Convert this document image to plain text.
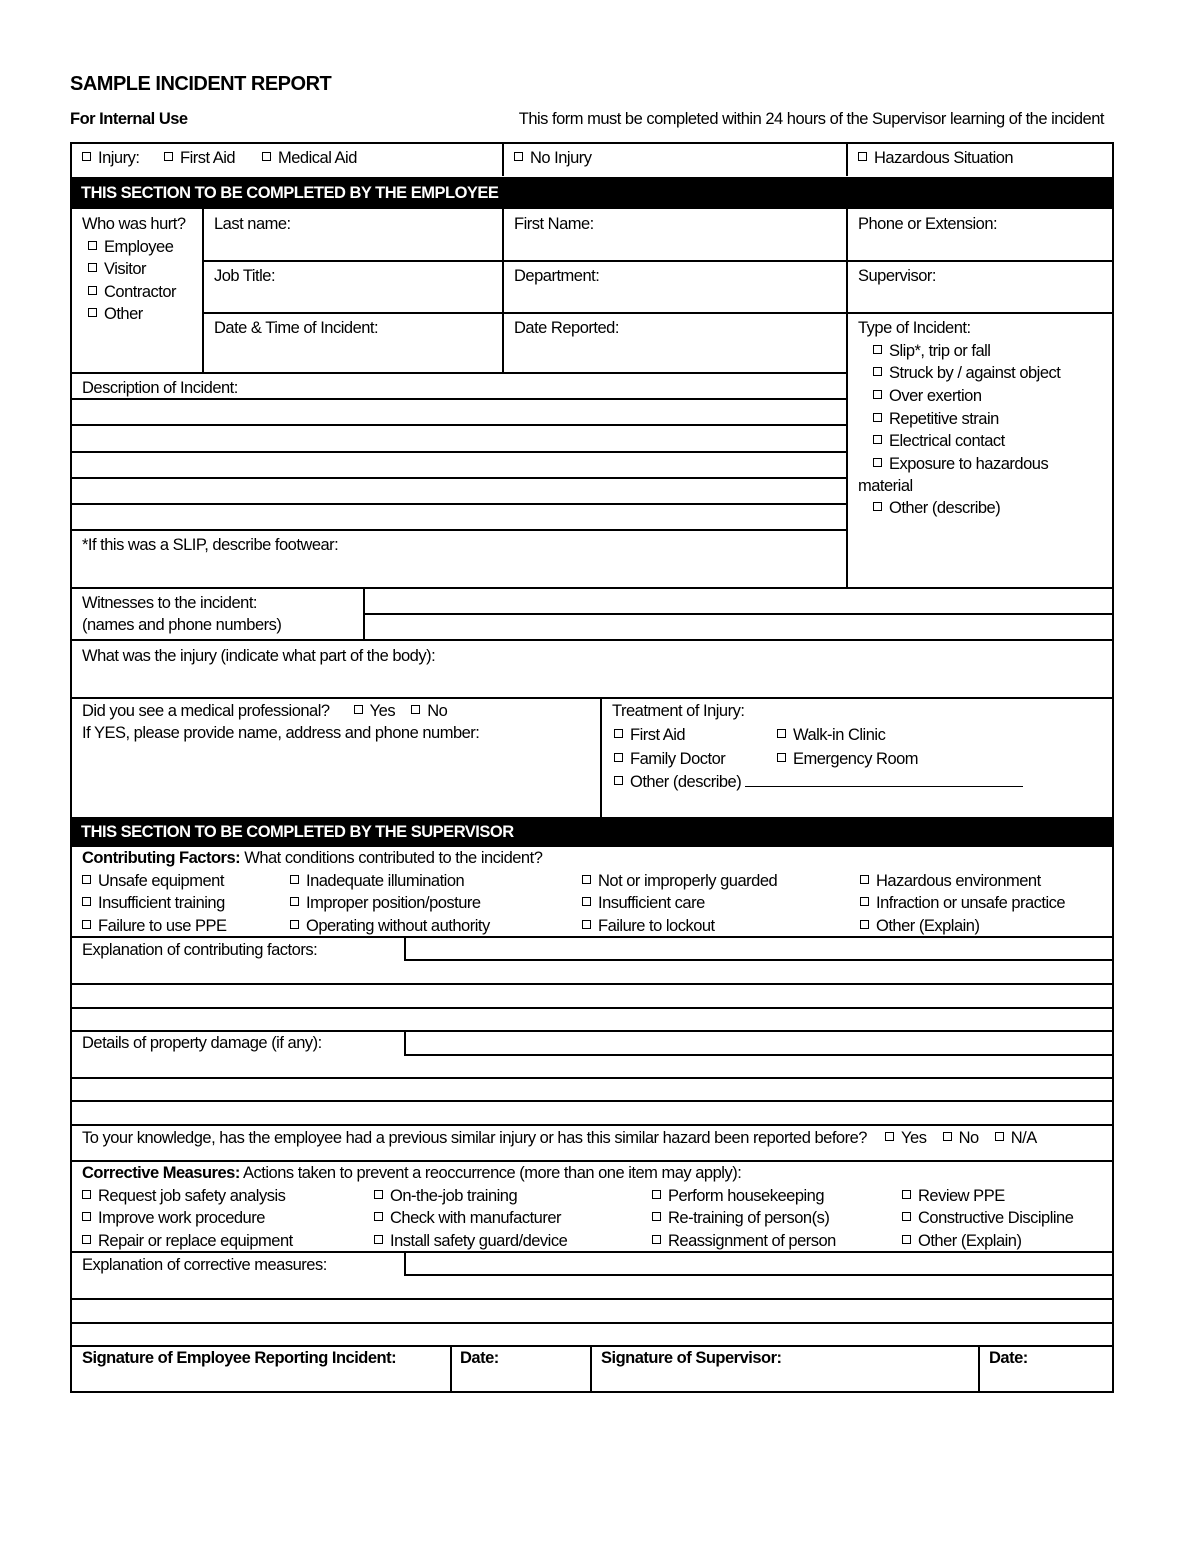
SAMPLE INCIDENT REPORT
For Internal Use	This form must be completed within 24 hours of the Supervisor learning of the incident
Injury:	First Aid	Medical Aid	No Injury	Hazardous Situation
THIS SECTION TO BE COMPLETED BY THE EMPLOYEE
Who was hurt?
Employee
Visitor
Contractor
Other
Last name:	First Name:	Phone or Extension:
Job Title:	Department:	Supervisor:
Date & Time of Incident:	Date Reported:	Type of Incident:
Slip*, trip or fall
Struck by / against object
Over exertion
Repetitive strain
Electrical contact
Exposure to hazardous
material
Other (describe)
Description of Incident:
*If this was a SLIP, describe footwear:
Witnesses to the incident:
(names and phone numbers)
What was the injury (indicate what part of the body):
Did you see a medical professional? Yes No
If YES, please provide name, address and phone number:
Treatment of Injury:
First Aid	Walk-in Clinic
Family Doctor	Emergency Room
Other (describe)
THIS SECTION TO BE COMPLETED BY THE SUPERVISOR
Contributing Factors: What conditions contributed to the incident?
Unsafe equipment	Inadequate illumination	Not or improperly guarded	Hazardous environment
Insufficient training	Improper position/posture	Insufficient care	Infraction or unsafe practice
Failure to use PPE	Operating without authority	Failure to lockout	Other (Explain)
Explanation of contributing factors:
Details of property damage (if any):
To your knowledge, has the employee had a previous similar injury or has this similar hazard been reported before? Yes No N/A
Corrective Measures: Actions taken to prevent a reoccurrence (more than one item may apply):
Request job safety analysis	On-the-job training	Perform housekeeping	Review PPE
Improve work procedure	Check with manufacturer	Re-training of person(s)	Constructive Discipline
Repair or replace equipment	Install safety guard/device	Reassignment of person	Other (Explain)
Explanation of corrective measures:
Signature of Employee Reporting Incident:	Date:	Signature of Supervisor:	Date:
